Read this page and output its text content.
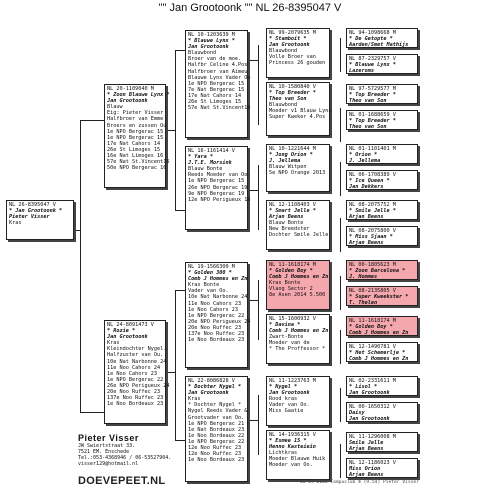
"" Jan Grootoonk "" NL 26-8395047 V
NL 26-8395047 V
* Jan Grootoonk *
Pieter Visser
Kras
NL 20-1109040 M
* Zoon Blauwe Lynx *
Jan Grootoonk
Blauw
Eig: Pieter Visser
Halfbroer van Emme
Broers en zussen Ou
1e NPO Bergerac 15
1e NPO Bergerac 15
17e Nat Cahors 14
26e St Limoges 15
16e Nat Limoges 16
57e Nat St.Vincent16
50e NPO Bergerac 16
NL 24-8091473 V
* Rozie *
Jan Grootoonk
Kras
Kleindochter Nygel.
Halfzuster van Ou.
10e Nat Narbonne 24
11e Noo Cahors 24
1e Noo Cahors 23
1e NPO Bergerac 22
26e NPO Perigueux 24
20e Noo Ruffec 23
137e Noo Ruffec 23
1e Noo Bordeaux 23
NL 10-1203639 M
* Blauwe Lynx *
Jan Grootoonk
Blauwbond
Broer van de moe.
Halfbr Celine 4.Pos
Halfbroer van Aimeu
Blauwe Lynx Vader Oo
1e NPO Bergerac 15
7e Nat Bergerac 15
17e Nat Cahors 14
26e St Limoges 15
57e Nat St.Vincent16
NL 16-1161414 V
* Yara *
J.T.E. Morsink
Blauw Bonte
Reeds Moeder van Oo.
1e NPO Bergerac 15
26e NPO Bergerac 19
9e NPO Bergerac 19
12e NPO Perigueux 16
NL 19-1566300 M
* Golden 300 *
Comb J Hommes en Zn
Kras Bonte
Vader van Oo.
10e Nat Narbonne 24
11e Noo Cahors 23
1e Noo Cahors 23
1e NPO Bergerac 22
20e NPO Perigueux 24
20e Noo Ruffec 23
137e Noo Ruffec 23
1e Noo Bordeaux 23
NL 22-8086828 V
* Dochter Nygel *
Jan Grootoonk
Kras
* Dochter Nygel *
Nygel Reeds Vader &
Grootvader van Oo.
1e NPO Bergerac 21
1e Nat Bordeaux 23
1e Noo Bordeaux 22
1e NPO Bergerac 22
12e Noo Ruffec 23
12e Noo Ruffec 23
1e Noo Bordeaux 23
NL 99-2079635 M
* Stamboit *
Jan Grootoonk
Blauwbond
Volle Broer van
Princess 26 gouden
NL 10-1580840 V
* Top Breeder *
Theo van Son
Blauwbond
Moeder v1 Blauw Lynx
Super Kweker 4.Pos
NL 10-1221644 M
* Jong Orion *
J. Jellema
Blauw Witpen
5e NPO Orange 2013
NL 12-1108403 V
* Smart Jelle *
Arjan Beens
Blauw Bonte
New Breedster
Dochter Smile Jelle
NL 11-1618174 M
* Golden Boy *
Comb J Hommes en Zn
Kras Bonte
Vlaog Sector 2
8e Asen 2014 5.500
NL 15-1600932 V
* Davina *
Comb J Hommes en Zn
Zwart-Bonte
Moeder van de
* The Proffessor *
NL 11-1223763 M
* Nygel *
Jan Grootoonk
Rood kras
Vader van Oo.
Miss Gaatie
NL 14-1936315 V
* Esmee 15 *
Henno Kasteiein
Lichtkras
Moeder Blauwe Huik
Moeder van Oo.
NL 94-1098668 M
* De Getopte *
Aarden/Smet Mathijs
NL 87-2329757 V
* Blauwe Lynx *
Lazeroms
NL 97-5729577 M
* Top Breeder *
Theo van Son
NL 01-1688659 V
* Top Breeder *
Theo van Son
NL 01-1101401 M
* Orion *
J. Jellema
NL 06-1708389 V
* Ice Queen *
Jan Dekkers
NL 08-2075752 M
* Smile Jelle *
Arjan Beens
NL 08-2075800 V
* Miss Sjaan *
Arjan Beens
NL 00-1805623 M
* Zoon Barcelona *
J. Hommes
NL 08-2135805 V
* Super Kweekster *
T. Thelen
NL 11-1618174 M
* Golden Boy *
Comb J Hommes en Zn
NL 12-1490781 V
* Het Schemerlje *
Comb J Hommes en Zn
NL 02-2331611 M
* Lisol *
Jan Grootoonk
NL 00-1650312 V
Daisy
Jan Grootoonk
NL 11-1296008 M
Smile Jelle
Arjan Beens
NL 12-1186023 V
Miss Orion
Arjan Beens
Pieter Visser
JW Swiertstraat 33.
7521 EM. Enschede
Tel.:053-4368946 / 06-53527904.
visser129@hotmail.nl
DOEVEPEET.NL	20-09-2026 Compuclub ® (9.54) Pieter Visser
